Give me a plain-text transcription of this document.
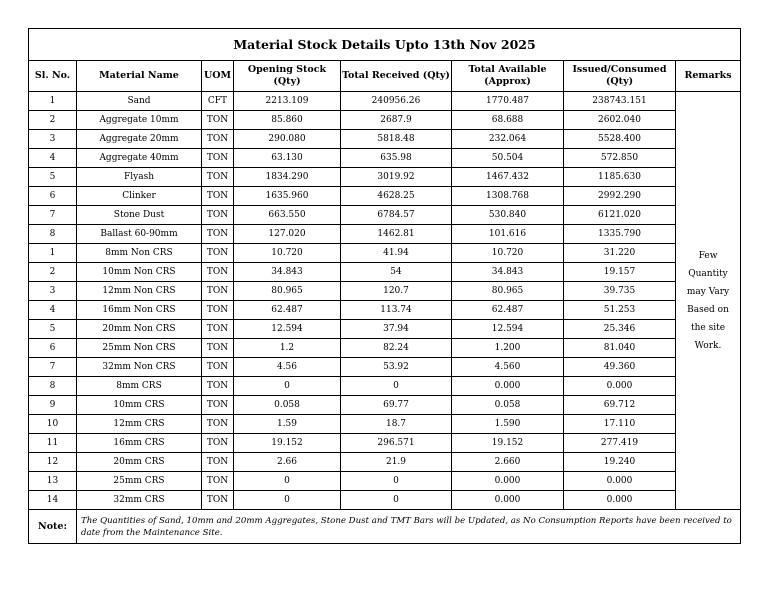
Material Stock Details Upto 13th Nov 2025							
Sl. No.	Material Name	UOM	Opening Stock (Qty)	Total Received (Qty)	Total Available (Approx)	Issued/Consumed (Qty)	Remarks
1	Sand	CFT	2213.109	240956.26	1770.487	238743.151	Few Quantity may Vary Based on the site Work.
2	Aggregate 10mm	TON	85.860	2687.9	68.688	2602.040	
3	Aggregate 20mm	TON	290.080	5818.48	232.064	5528.400	
4	Aggregate 40mm	TON	63.130	635.98	50.504	572.850	
5	Flyash	TON	1834.290	3019.92	1467.432	1185.630	
6	Clinker	TON	1635.960	4628.25	1308.768	2992.290	
7	Stone Dust	TON	663.550	6784.57	530.840	6121.020	
8	Ballast 60-90mm	TON	127.020	1462.81	101.616	1335.790	
1	8mm Non CRS	TON	10.720	41.94	10.720	31.220	
2	10mm Non CRS	TON	34.843	54	34.843	19.157	
3	12mm Non CRS	TON	80.965	120.7	80.965	39.735	
4	16mm Non CRS	TON	62.487	113.74	62.487	51.253	
5	20mm Non CRS	TON	12.594	37.94	12.594	25.346	
6	25mm Non CRS	TON	1.2	82.24	1.200	81.040	
7	32mm Non CRS	TON	4.56	53.92	4.560	49.360	
8	8mm CRS	TON	0	0	0.000	0.000	
9	10mm CRS	TON	0.058	69.77	0.058	69.712	
10	12mm CRS	TON	1.59	18.7	1.590	17.110	
11	16mm CRS	TON	19.152	296.571	19.152	277.419	
12	20mm CRS	TON	2.66	21.9	2.660	19.240	
13	25mm CRS	TON	0	0	0.000	0.000	
14	32mm CRS	TON	0	0	0.000	0.000	
Note:	The Quantities of Sand, 10mm and 20mm Aggregates, Stone Dust and TMT Bars will be Updated, as No Consumption Reports have been received to date from the Maintenance Site.						
